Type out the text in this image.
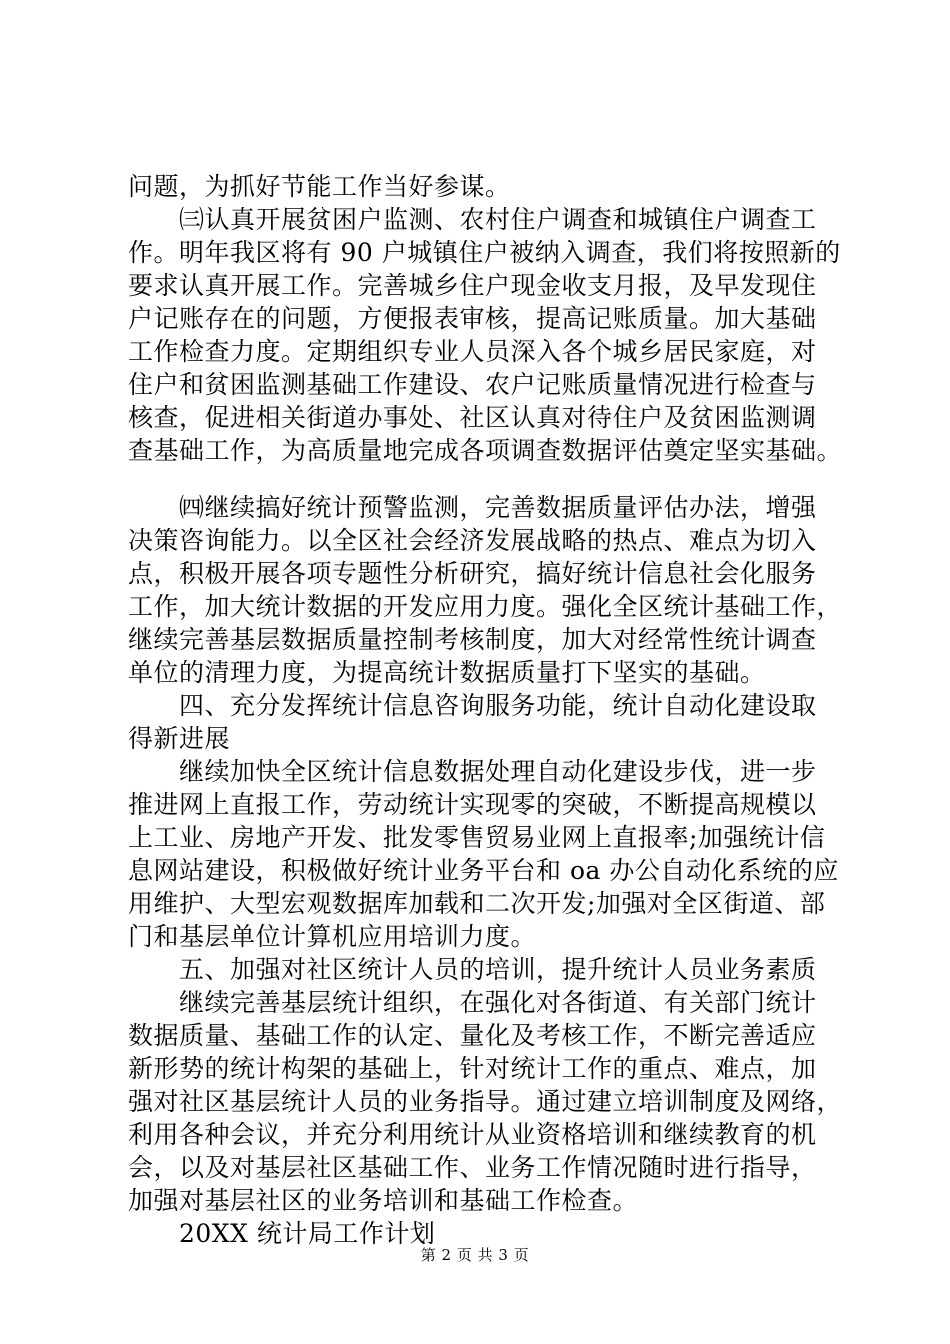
问题，为抓好节能工作当好参谋。
　　㈢认真开展贫困户监测、农村住户调查和城镇住户调查工
作。明年我区将有 90 户城镇住户被纳入调查，我们将按照新的
要求认真开展工作。完善城乡住户现金收支月报，及早发现住
户记账存在的问题，方便报表审核，提高记账质量。加大基础
工作检查力度。定期组织专业人员深入各个城乡居民家庭，对
住户和贫困监测基础工作建设、农户记账质量情况进行检查与
核查，促进相关街道办事处、社区认真对待住户及贫困监测调
查基础工作，为高质量地完成各项调查数据评估奠定坚实基础。
　　㈣继续搞好统计预警监测，完善数据质量评估办法，增强
决策咨询能力。以全区社会经济发展战略的热点、难点为切入
点，积极开展各项专题性分析研究，搞好统计信息社会化服务
工作，加大统计数据的开发应用力度。强化全区统计基础工作，
继续完善基层数据质量控制考核制度，加大对经常性统计调查
单位的清理力度，为提高统计数据质量打下坚实的基础。
　　四、充分发挥统计信息咨询服务功能，统计自动化建设取
得新进展
　　继续加快全区统计信息数据处理自动化建设步伐，进一步
推进网上直报工作，劳动统计实现零的突破，不断提高规模以
上工业、房地产开发、批发零售贸易业网上直报率;加强统计信
息网站建设，积极做好统计业务平台和 oa 办公自动化系统的应
用维护、大型宏观数据库加载和二次开发;加强对全区街道、部
门和基层单位计算机应用培训力度。
　　五、加强对社区统计人员的培训，提升统计人员业务素质
　　继续完善基层统计组织，在强化对各街道、有关部门统计
数据质量、基础工作的认定、量化及考核工作，不断完善适应
新形势的统计构架的基础上，针对统计工作的重点、难点，加
强对社区基层统计人员的业务指导。通过建立培训制度及网络，
利用各种会议，并充分利用统计从业资格培训和继续教育的机
会，以及对基层社区基础工作、业务工作情况随时进行指导，
加强对基层社区的业务培训和基础工作检查。
　　20XX 统计局工作计划
第 2 页 共 3 页
